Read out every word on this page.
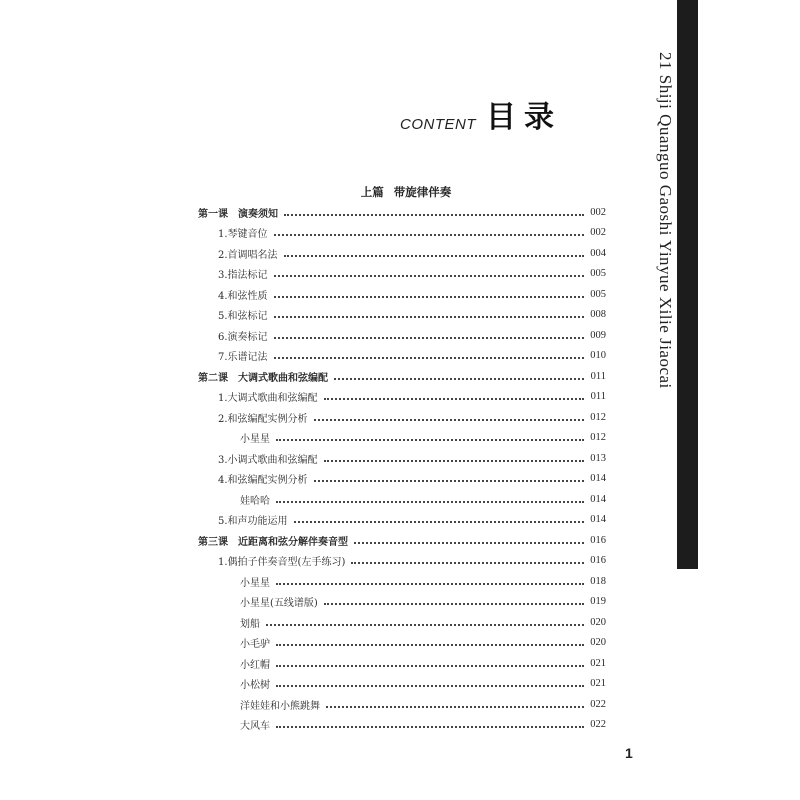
21 Shiji Quanguo Gaoshi Yinyue Xilie Jiaocai
CONTENT 目录
上篇 带旋律伴奏
第一课 演奏须知	002
1.琴键音位	002
2.首调唱名法	004
3.指法标记	005
4.和弦性质	005
5.和弦标记	008
6.演奏标记	009
7.乐谱记法	010
第二课 大调式歌曲和弦编配	011
1.大调式歌曲和弦编配	011
2.和弦编配实例分析	012
小星星	012
3.小调式歌曲和弦编配	013
4.和弦编配实例分析	014
娃哈哈	014
5.和声功能运用	014
第三课 近距离和弦分解伴奏音型	016
1.偶拍子伴奏音型(左手练习)	016
小星星	018
小星星(五线谱版)	019
划船	020
小毛驴	020
小红帽	021
小松树	021
洋娃娃和小熊跳舞	022
大风车	022
1
